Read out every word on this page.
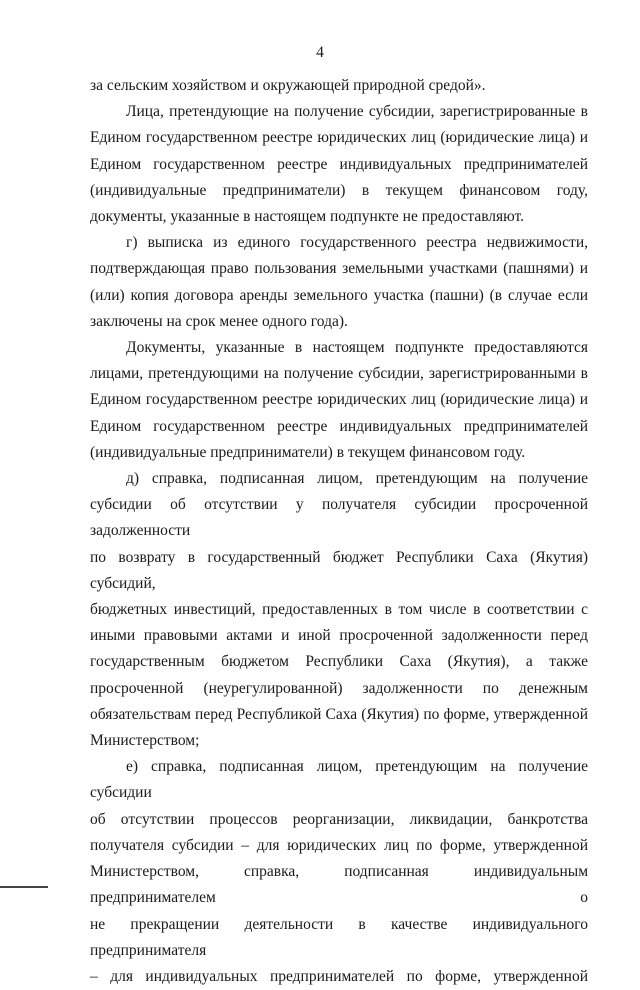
4

за сельским хозяйством и окружающей природной средой».

Лица, претендующие на получение субсидии, зарегистрированные в

Едином государственном реестре юридических лиц (юридические лица) и

Едином государственном реестре индивидуальных предпринимателей

(индивидуальные предприниматели) в текущем финансовом году,

документы, указанные в настоящем подпункте не предоставляют.

г) выписка из единого государственного реестра недвижимости,

подтверждающая право пользования земельными участками (пашнями) и

(или) копия договора аренды земельного участка (пашни) (в случае если

заключены на срок менее одного года).

Документы, указанные в настоящем подпункте предоставляются

лицами, претендующими на получение субсидии, зарегистрированными в

Едином государственном реестре юридических лиц (юридические лица) и

Едином государственном реестре индивидуальных предпринимателей

(индивидуальные предприниматели) в текущем финансовом году.

д) справка, подписанная лицом, претендующим на получение

субсидии об отсутствии у получателя субсидии просроченной задолженности

по возврату в государственный бюджет Республики Саха (Якутия) субсидий,

бюджетных инвестиций, предоставленных в том числе в соответствии с

иными правовыми актами и иной просроченной задолженности перед

государственным бюджетом Республики Саха (Якутия), а также

просроченной (неурегулированной) задолженности по денежным

обязательствам перед Республикой Саха (Якутия) по форме, утвержденной

Министерством;

е) справка, подписанная лицом, претендующим на получение субсидии

об отсутствии процессов реорганизации, ликвидации, банкротства

получателя субсидии – для юридических лиц по форме, утвержденной

Министерством, справка, подписанная индивидуальным предпринимателем о

не прекращении деятельности в качестве индивидуального предпринимателя

– для индивидуальных предпринимателей по форме, утвержденной
